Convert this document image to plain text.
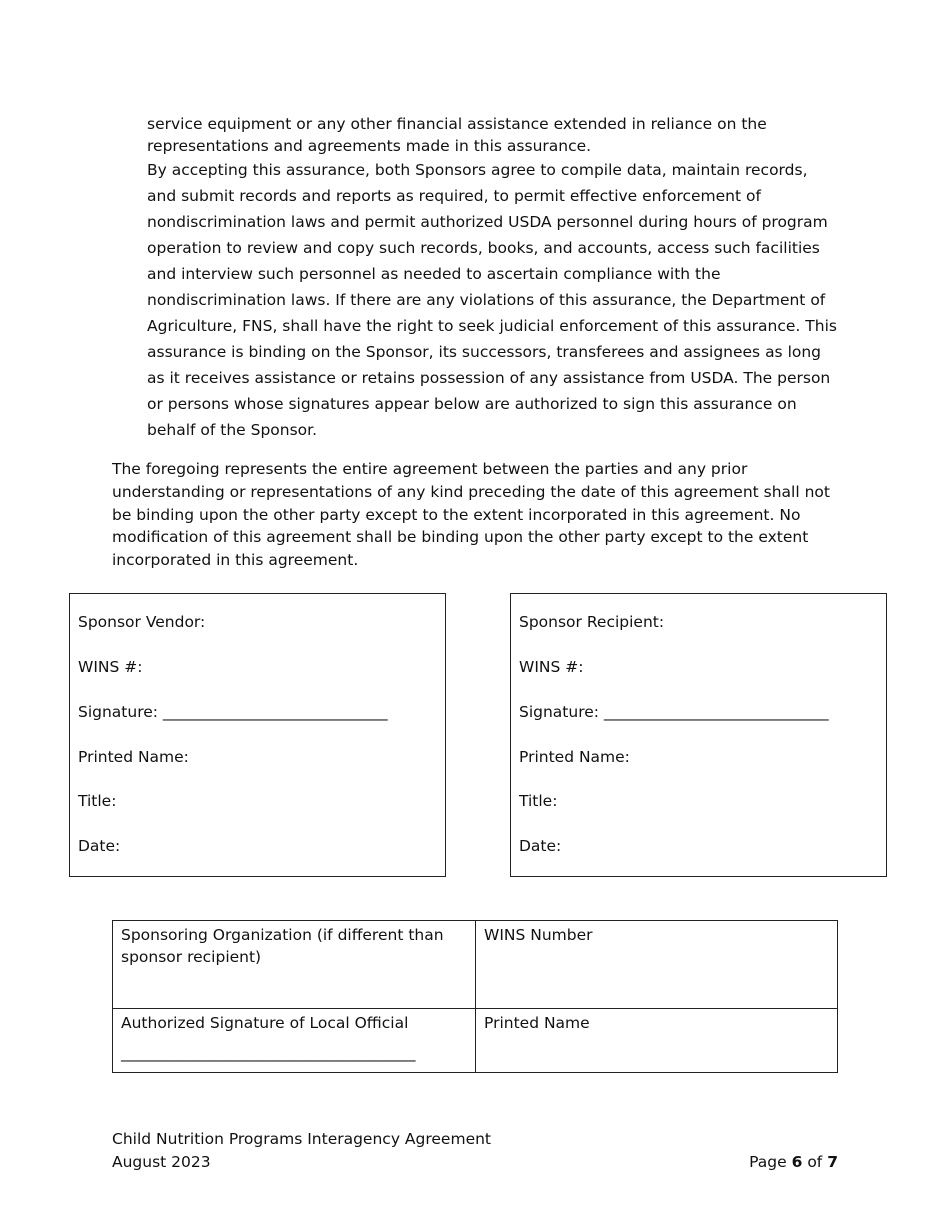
service equipment or any other financial assistance extended in reliance on the representations and agreements made in this assurance.
By accepting this assurance, both Sponsors agree to compile data, maintain records, and submit records and reports as required, to permit effective enforcement of nondiscrimination laws and permit authorized USDA personnel during hours of program operation to review and copy such records, books, and accounts, access such facilities and interview such personnel as needed to ascertain compliance with the nondiscrimination laws. If there are any violations of this assurance, the Department of Agriculture, FNS, shall have the right to seek judicial enforcement of this assurance. This assurance is binding on the Sponsor, its successors, transferees and assignees as long as it receives assistance or retains possession of any assistance from USDA. The person or persons whose signatures appear below are authorized to sign this assurance on behalf of the Sponsor.
The foregoing represents the entire agreement between the parties and any prior understanding or representations of any kind preceding the date of this agreement shall not be binding upon the other party except to the extent incorporated in this agreement. No modification of this agreement shall be binding upon the other party except to the extent incorporated in this agreement.
Sponsor Vendor:
WINS #:
Signature: _____________________________
Printed Name:
Title:
Date:
Sponsor Recipient:
WINS #:
Signature: _____________________________
Printed Name:
Title:
Date:
Sponsoring Organization (if different than sponsor recipient)	WINS Number

Authorized Signature of Local Official
______________________________________	Printed Name
Child Nutrition Programs Interagency Agreement
August 2023	Page 6 of 7
